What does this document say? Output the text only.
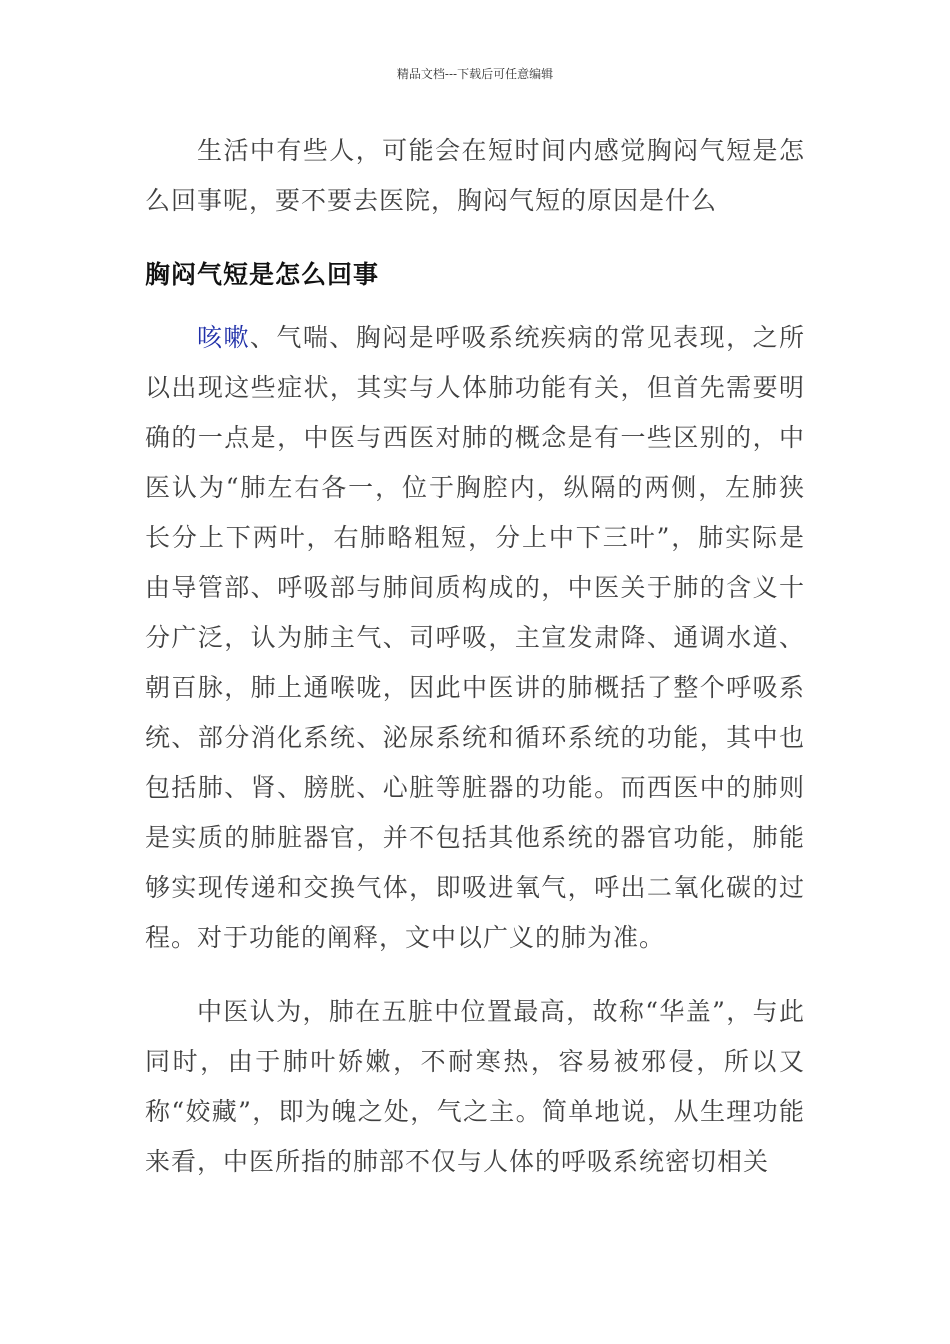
精品文档---下载后可任意编辑

生活中有些人，可能会在短时间内感觉胸闷气短是怎么回事呢，要不要去医院，胸闷气短的原因是什么

胸闷气短是怎么回事

咳嗽、气喘、胸闷是呼吸系统疾病的常见表现，之所以出现这些症状，其实与人体肺功能有关，但首先需要明确的一点是，中医与西医对肺的概念是有一些区别的，中医认为“肺左右各一，位于胸腔内，纵隔的两侧，左肺狭长分上下两叶，右肺略粗短，分上中下三叶”，肺实际是由导管部、呼吸部与肺间质构成的，中医关于肺的含义十分广泛，认为肺主气、司呼吸，主宣发肃降、通调水道、朝百脉，肺上通喉咙，因此中医讲的肺概括了整个呼吸系统、部分消化系统、泌尿系统和循环系统的功能，其中也包括肺、肾、膀胱、心脏等脏器的功能。而西医中的肺则是实质的肺脏器官，并不包括其他系统的器官功能，肺能够实现传递和交换气体，即吸进氧气，呼出二氧化碳的过程。对于功能的阐释，文中以广义的肺为准。

中医认为，肺在五脏中位置最高，故称“华盖”，与此同时，由于肺叶娇嫩，不耐寒热，容易被邪侵，所以又称“姣藏”，即为魄之处，气之主。简单地说，从生理功能来看，中医所指的肺部不仅与人体的呼吸系统密切相关
